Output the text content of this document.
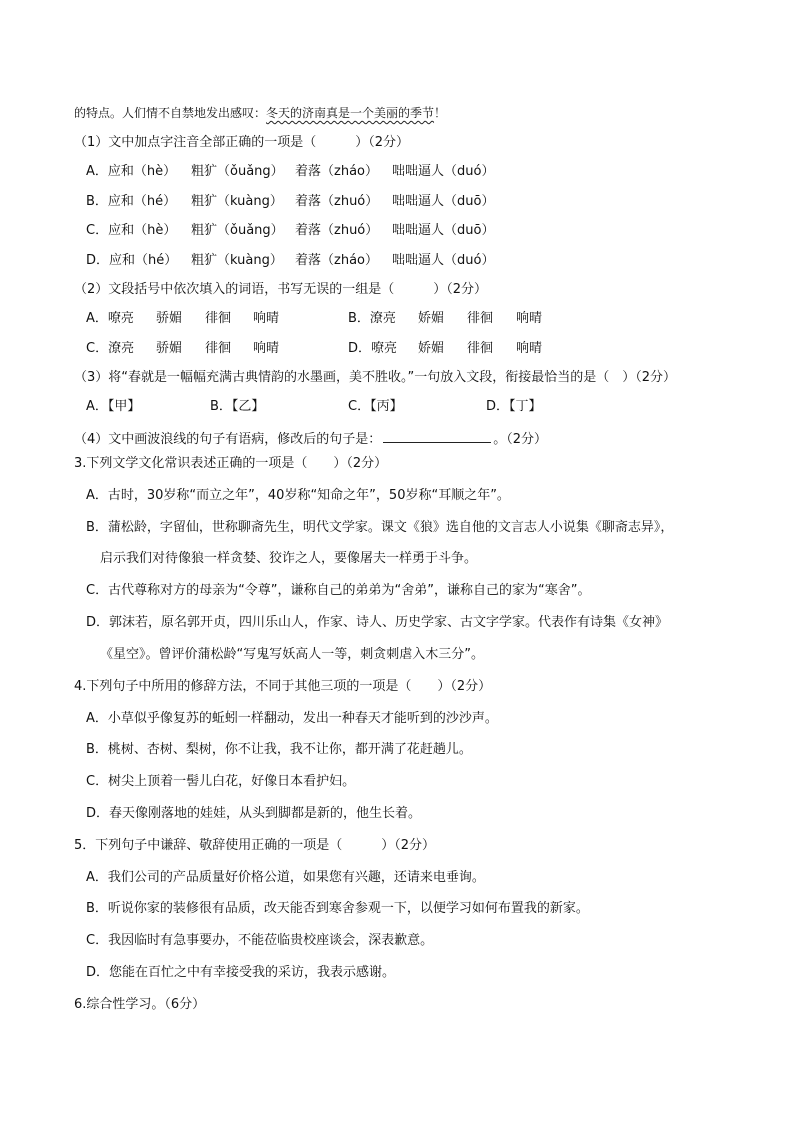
的特点。人们情不自禁地发出感叹：冬天的济南真是一个美丽的季节！
（1）文中加点字注音全部正确的一项是（　　　）（2分）
A．应和（hè） 粗犷（ǒuǎng） 着落（zháo） 咄咄逼人（duó）
B．应和（hé） 粗犷（kuàng） 着落（zhuó） 咄咄逼人（duō）
C．应和（hè） 粗犷（ǒuǎng） 着落（zhuó） 咄咄逼人（duō）
D．应和（hé） 粗犷（kuàng） 着落（zháo） 咄咄逼人（duó）
（2）文段括号中依次填入的词语，书写无误的一组是（　　　）（2分）
A．嘹亮 骄媚 徘徊 响晴	B．潦亮 娇媚 徘徊 响晴
C．潦亮 骄媚 徘徊 响晴	D．嘹亮 娇媚 徘徊 响晴
（3）将“春就是一幅幅充满古典情韵的水墨画，美不胜收。”一句放入文段，衔接最恰当的是（　）（2分）
A．【甲】	B．【乙】	C．【丙】	D．【丁】
（4）文中画波浪线的句子有语病，修改后的句子是：	。（2分）
3.下列文学文化常识表述正确的一项是（　　）（2分）
A．古时，30岁称“而立之年”，40岁称“知命之年”，50岁称“耳顺之年”。
B．蒲松龄，字留仙，世称聊斋先生，明代文学家。课文《狼》选自他的文言志人小说集《聊斋志异》，
启示我们对待像狼一样贪婪、狡诈之人，要像屠夫一样勇于斗争。
C．古代尊称对方的母亲为“令尊”，谦称自己的弟弟为“舍弟”，谦称自己的家为“寒舍”。
D．郭沫若，原名郭开贞，四川乐山人，作家、诗人、历史学家、古文字学家。代表作有诗集《女神》
《星空》。曾评价蒲松龄“写鬼写妖高人一等，刺贪刺虐入木三分”。
4.下列句子中所用的修辞方法，不同于其他三项的一项是（　　）（2分）
A．小草似乎像复苏的蚯蚓一样翻动，发出一种春天才能听到的沙沙声。
B．桃树、杏树、梨树，你不让我，我不让你，都开满了花赶趟儿。
C．树尖上顶着一髻儿白花，好像日本看护妇。
D．春天像刚落地的娃娃，从头到脚都是新的，他生长着。
5．下列句子中谦辞、敬辞使用正确的一项是（　　　）（2分）
A．我们公司的产品质量好价格公道，如果您有兴趣，还请来电垂询。
B．听说你家的装修很有品质，改天能否到寒舍参观一下，以便学习如何布置我的新家。
C．我因临时有急事要办，不能莅临贵校座谈会，深表歉意。
D．您能在百忙之中有幸接受我的采访，我表示感谢。
6.综合性学习。（6分）
